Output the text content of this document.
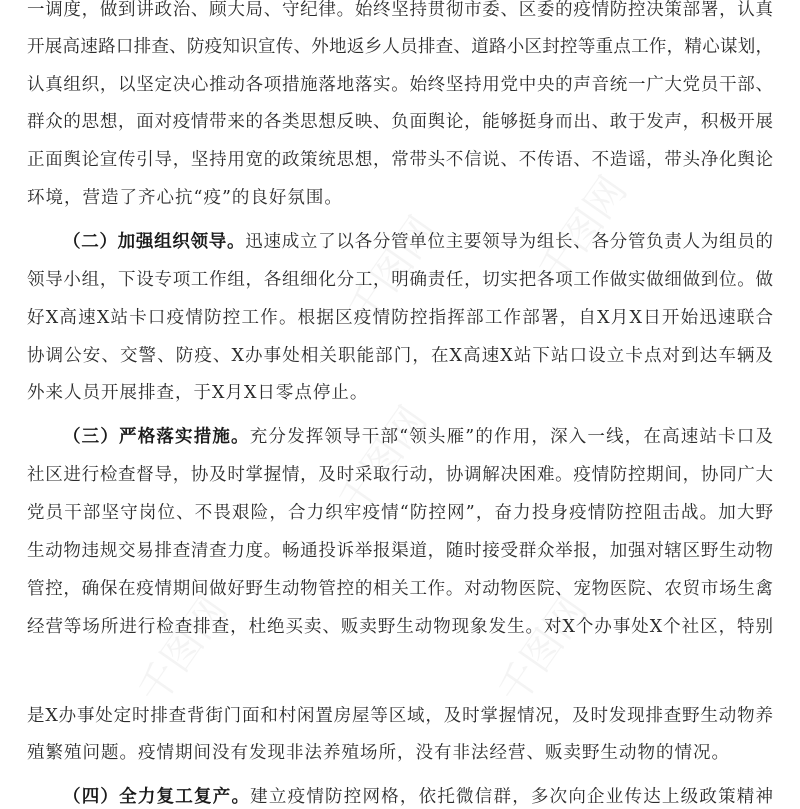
千图网 千图网
千图网
千图网	千图网
一调度，做到讲政治、顾大局、守纪律。始终坚持贯彻市委、区委的疫情防控决策部署，认真
开展高速路口排查、防疫知识宣传、外地返乡人员排查、道路小区封控等重点工作，精心谋划，
认真组织，以坚定决心推动各项措施落地落实。始终坚持用党中央的声音统一广大党员干部、
群众的思想，面对疫情带来的各类思想反映、负面舆论，能够挺身而出、敢于发声，积极开展
正面舆论宣传引导，坚持用宽的政策统思想，常带头不信说、不传语、不造谣，带头净化舆论
环境，营造了齐心抗“疫”的良好氛围。
（二）加强组织领导。迅速成立了以各分管单位主要领导为组长、各分管负责人为组员的
领导小组，下设专项工作组，各组细化分工，明确责任，切实把各项工作做实做细做到位。做
好X高速X站卡口疫情防控工作。根据区疫情防控指挥部工作部署，自X月X日开始迅速联合
协调公安、交警、防疫、X办事处相关职能部门，在X高速X站下站口设立卡点对到达车辆及
外来人员开展排查，于X月X日零点停止。
（三）严格落实措施。充分发挥领导干部“领头雁”的作用，深入一线，在高速站卡口及
社区进行检查督导，协及时掌握情，及时采取行动，协调解决困难。疫情防控期间，协同广大
党员干部坚守岗位、不畏艰险，合力织牢疫情“防控网”，奋力投身疫情防控阻击战。加大野
生动物违规交易排查清查力度。畅通投诉举报渠道，随时接受群众举报，加强对辖区野生动物
管控，确保在疫情期间做好野生动物管控的相关工作。对动物医院、宠物医院、农贸市场生禽
经营等场所进行检查排查，杜绝买卖、贩卖野生动物现象发生。对X个办事处X个社区，特别
是X办事处定时排查背街门面和村闲置房屋等区域，及时掌握情况，及时发现排查野生动物养
殖繁殖问题。疫情期间没有发现非法养殖场所，没有非法经营、贩卖野生动物的情况。
（四）全力复工复产。建立疫情防控网格，依托微信群，多次向企业传达上级政策精神
